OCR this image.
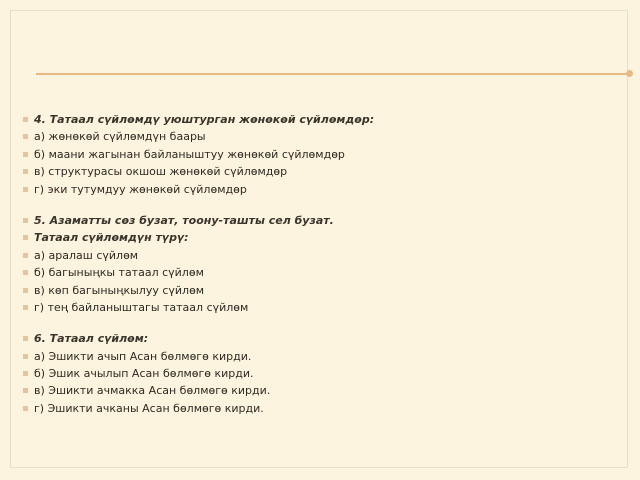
4. Татаал сүйлөмдү уюштурган жөнөкөй сүйлөмдөр:
а) жөнөкөй сүйлөмдүн баары
б) маани жагынан байланыштуу жөнөкөй сүйлөмдөр
в) структурасы окшош жөнөкөй сүйлөмдөр
г) эки тутумдуу жөнөкөй сүйлөмдөр
5. Азаматты сөз бузат, тоону-ташты сел бузат.
Татаал сүйлөмдүн түрү:
а) аралаш сүйлөм
б) багыныңкы татаал сүйлөм
в) көп багыныңкылуу сүйлөм
г) тең байланыштагы татаал сүйлөм
6. Татаал сүйлөм:
а) Эшикти ачып Асан бөлмөгө кирди.
б) Эшик ачылып Асан бөлмөгө кирди.
в) Эшикти ачмакка Асан бөлмөгө кирди.
г) Эшикти ачканы Асан бөлмөгө кирди.
